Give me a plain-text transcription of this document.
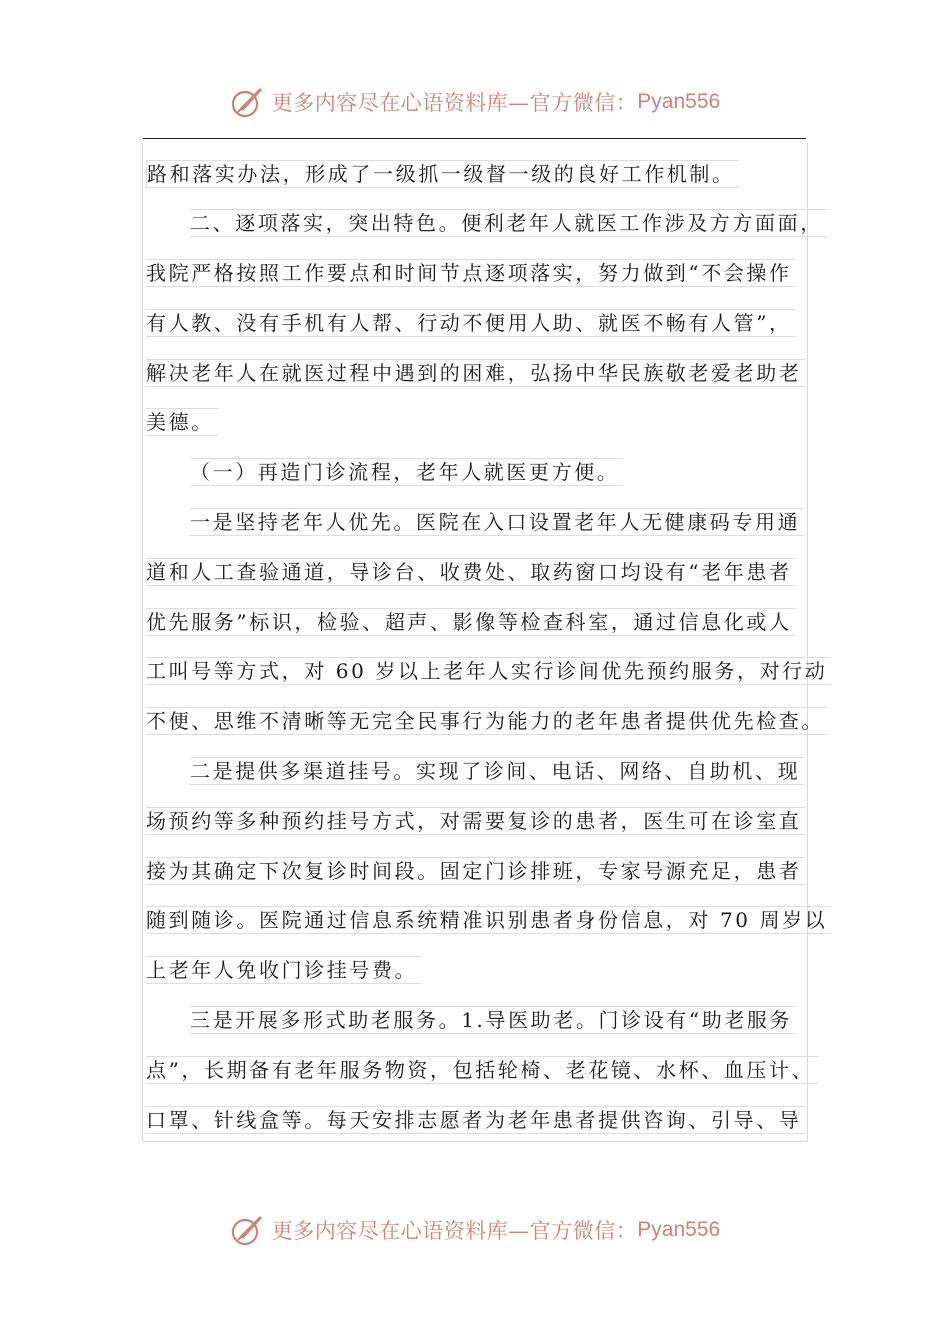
更多内容尽在心语资料库—官方微信： Pyan556
路和落实办法，形成了一级抓一级督一级的良好工作机制。
二、逐项落实，突出特色。便利老年人就医工作涉及方方面面，
我院严格按照工作要点和时间节点逐项落实，努力做到“不会操作
有人教、没有手机有人帮、行动不便用人助、就医不畅有人管”，
解决老年人在就医过程中遇到的困难，弘扬中华民族敬老爱老助老
美德。
（一）再造门诊流程，老年人就医更方便。
一是坚持老年人优先。医院在入口设置老年人无健康码专用通
道和人工查验通道，导诊台、收费处、取药窗口均设有“老年患者
优先服务”标识，检验、超声、影像等检查科室，通过信息化或人
工叫号等方式，对 60 岁以上老年人实行诊间优先预约服务，对行动
不便、思维不清晰等无完全民事行为能力的老年患者提供优先检查。
二是提供多渠道挂号。实现了诊间、电话、网络、自助机、现
场预约等多种预约挂号方式，对需要复诊的患者，医生可在诊室直
接为其确定下次复诊时间段。固定门诊排班，专家号源充足，患者
随到随诊。医院通过信息系统精准识别患者身份信息，对 70 周岁以
上老年人免收门诊挂号费。
三是开展多形式助老服务。1.导医助老。门诊设有“助老服务
点”，长期备有老年服务物资，包括轮椅、老花镜、水杯、血压计、
口罩、针线盒等。每天安排志愿者为老年患者提供咨询、引导、导
更多内容尽在心语资料库—官方微信： Pyan556
